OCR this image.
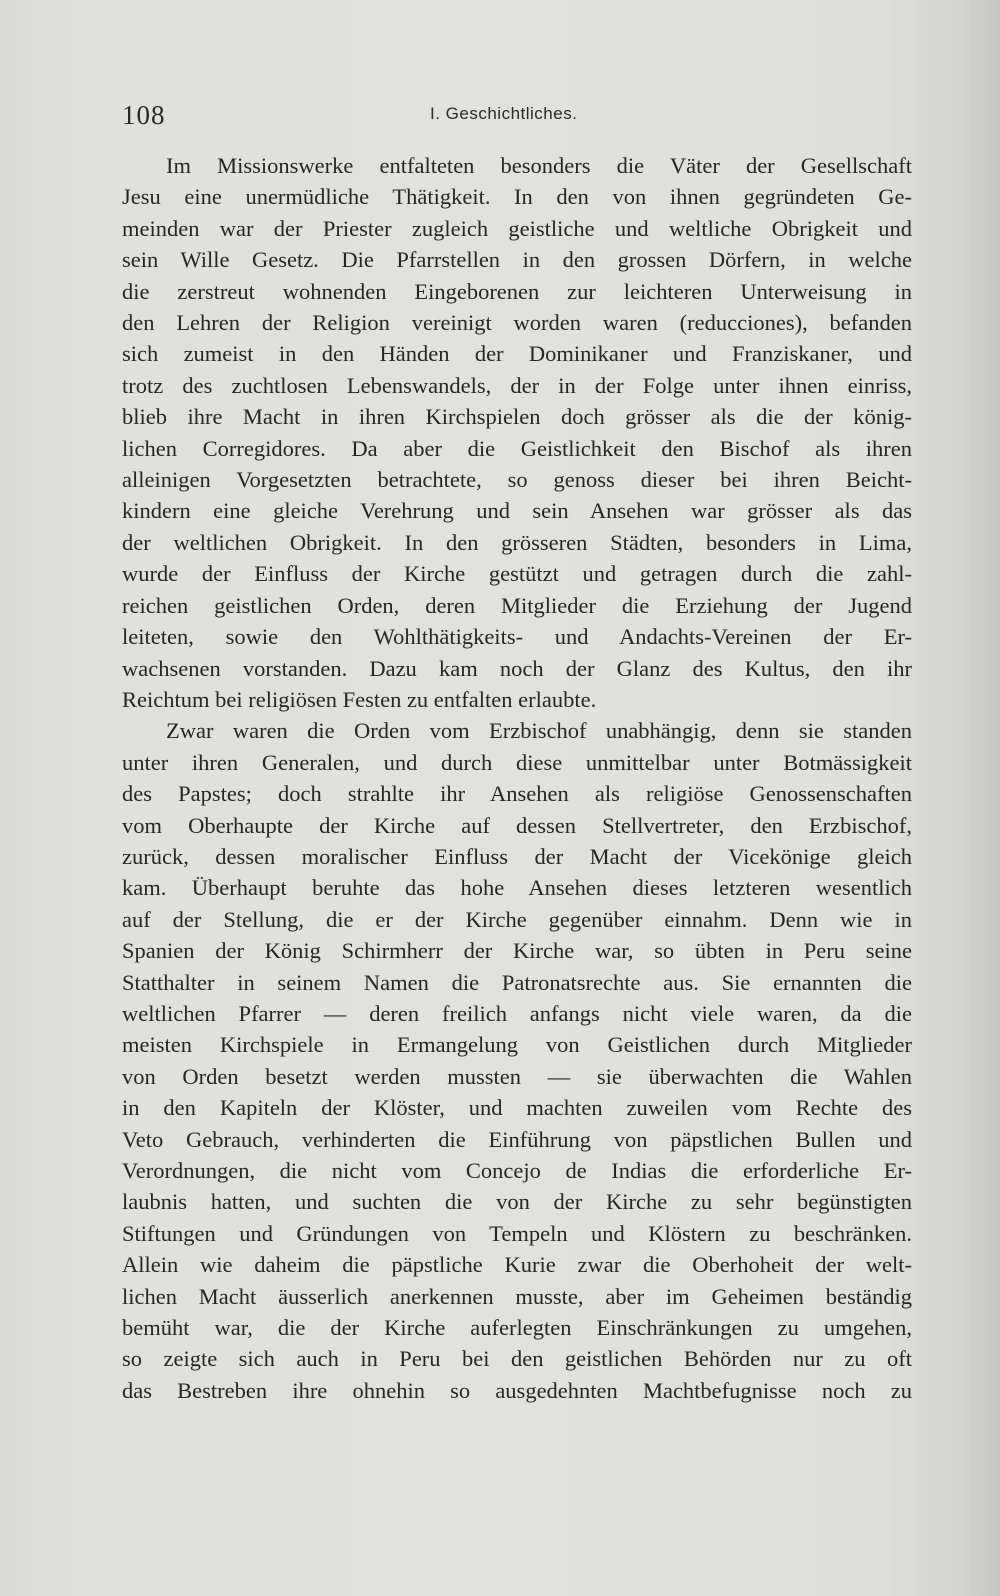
108	I. Geschichtliches.

Im Missionswerke entfalteten besonders die Väter der Gesellschaft
Jesu eine unermüdliche Thätigkeit. In den von ihnen gegründeten Ge-
meinden war der Priester zugleich geistliche und weltliche Obrigkeit und
sein Wille Gesetz. Die Pfarrstellen in den grossen Dörfern, in welche
die zerstreut wohnenden Eingeborenen zur leichteren Unterweisung in
den Lehren der Religion vereinigt worden waren (reducciones), befanden
sich zumeist in den Händen der Dominikaner und Franziskaner, und
trotz des zuchtlosen Lebenswandels, der in der Folge unter ihnen einriss,
blieb ihre Macht in ihren Kirchspielen doch grösser als die der könig-
lichen Corregidores. Da aber die Geistlichkeit den Bischof als ihren
alleinigen Vorgesetzten betrachtete, so genoss dieser bei ihren Beicht-
kindern eine gleiche Verehrung und sein Ansehen war grösser als das
der weltlichen Obrigkeit. In den grösseren Städten, besonders in Lima,
wurde der Einfluss der Kirche gestützt und getragen durch die zahl-
reichen geistlichen Orden, deren Mitglieder die Erziehung der Jugend
leiteten, sowie den Wohlthätigkeits- und Andachts-Vereinen der Er-
wachsenen vorstanden. Dazu kam noch der Glanz des Kultus, den ihr
Reichtum bei religiösen Festen zu entfalten erlaubte.

Zwar waren die Orden vom Erzbischof unabhängig, denn sie standen
unter ihren Generalen, und durch diese unmittelbar unter Botmässigkeit
des Papstes; doch strahlte ihr Ansehen als religiöse Genossenschaften
vom Oberhaupte der Kirche auf dessen Stellvertreter, den Erzbischof,
zurück, dessen moralischer Einfluss der Macht der Vicekönige gleich
kam. Überhaupt beruhte das hohe Ansehen dieses letzteren wesentlich
auf der Stellung, die er der Kirche gegenüber einnahm. Denn wie in
Spanien der König Schirmherr der Kirche war, so übten in Peru seine
Statthalter in seinem Namen die Patronatsrechte aus. Sie ernannten die
weltlichen Pfarrer — deren freilich anfangs nicht viele waren, da die
meisten Kirchspiele in Ermangelung von Geistlichen durch Mitglieder
von Orden besetzt werden mussten — sie überwachten die Wahlen
in den Kapiteln der Klöster, und machten zuweilen vom Rechte des
Veto Gebrauch, verhinderten die Einführung von päpstlichen Bullen und
Verordnungen, die nicht vom Concejo de Indias die erforderliche Er-
laubnis hatten, und suchten die von der Kirche zu sehr begünstigten
Stiftungen und Gründungen von Tempeln und Klöstern zu beschränken.
Allein wie daheim die päpstliche Kurie zwar die Oberhoheit der welt-
lichen Macht äusserlich anerkennen musste, aber im Geheimen beständig
bemüht war, die der Kirche auferlegten Einschränkungen zu umgehen,
so zeigte sich auch in Peru bei den geistlichen Behörden nur zu oft
das Bestreben ihre ohnehin so ausgedehnten Machtbefugnisse noch zu
